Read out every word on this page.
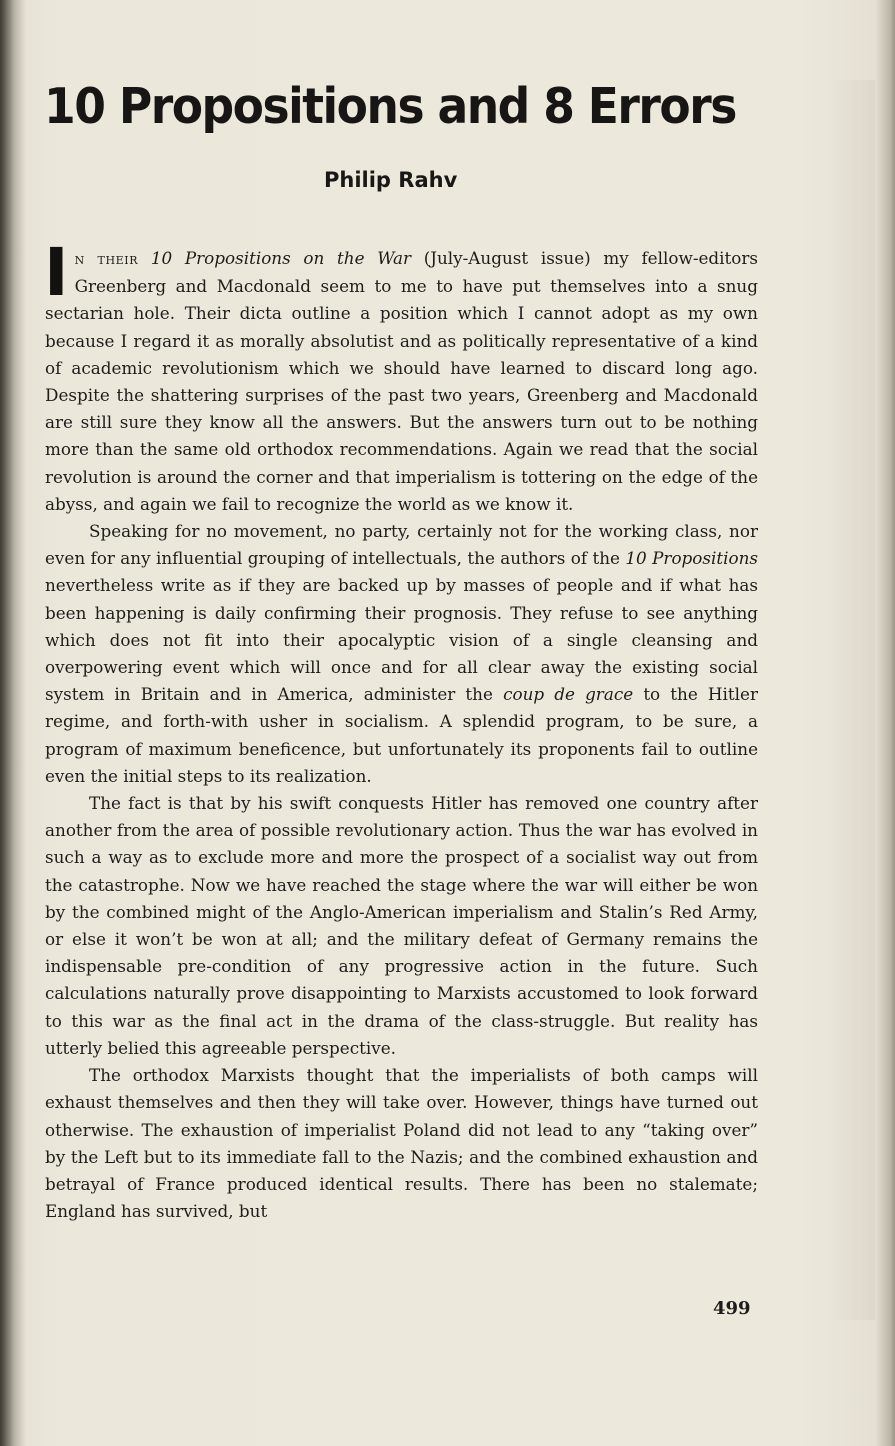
10 Propositions and 8 Errors

Philip Rahv

In their 10 Propositions on the War (July-August issue) my fellow-editors Greenberg and Macdonald seem to me to have put themselves into a snug sectarian hole. Their dicta outline a position which I cannot adopt as my own because I regard it as morally absolutist and as politically representative of a kind of academic revolutionism which we should have learned to discard long ago. Despite the shattering surprises of the past two years, Greenberg and Macdonald are still sure they know all the answers. But the answers turn out to be nothing more than the same old orthodox recommendations. Again we read that the social revolution is around the corner and that imperialism is tottering on the edge of the abyss, and again we fail to recognize the world as we know it.

Speaking for no movement, no party, certainly not for the working class, nor even for any influential grouping of intellectuals, the authors of the 10 Propositions nevertheless write as if they are backed up by masses of people and if what has been happening is daily confirming their prognosis. They refuse to see anything which does not fit into their apocalyptic vision of a single cleansing and overpowering event which will once and for all clear away the existing social system in Britain and in America, administer the coup de grace to the Hitler regime, and forth-with usher in socialism. A splendid program, to be sure, a program of maximum beneficence, but unfortunately its proponents fail to outline even the initial steps to its realization.

The fact is that by his swift conquests Hitler has removed one country after another from the area of possible revolutionary action. Thus the war has evolved in such a way as to exclude more and more the prospect of a socialist way out from the catastrophe. Now we have reached the stage where the war will either be won by the combined might of the Anglo-American imperialism and Stalin’s Red Army, or else it won’t be won at all; and the military defeat of Germany remains the indispensable pre-condition of any progressive action in the future. Such calculations naturally prove disappointing to Marxists accustomed to look forward to this war as the final act in the drama of the class-struggle. But reality has utterly belied this agreeable perspective.

The orthodox Marxists thought that the imperialists of both camps will exhaust themselves and then they will take over. However, things have turned out otherwise. The exhaustion of imperialist Poland did not lead to any “taking over” by the Left but to its immediate fall to the Nazis; and the combined exhaustion and betrayal of France produced identical results. There has been no stalemate; England has survived, but

499
